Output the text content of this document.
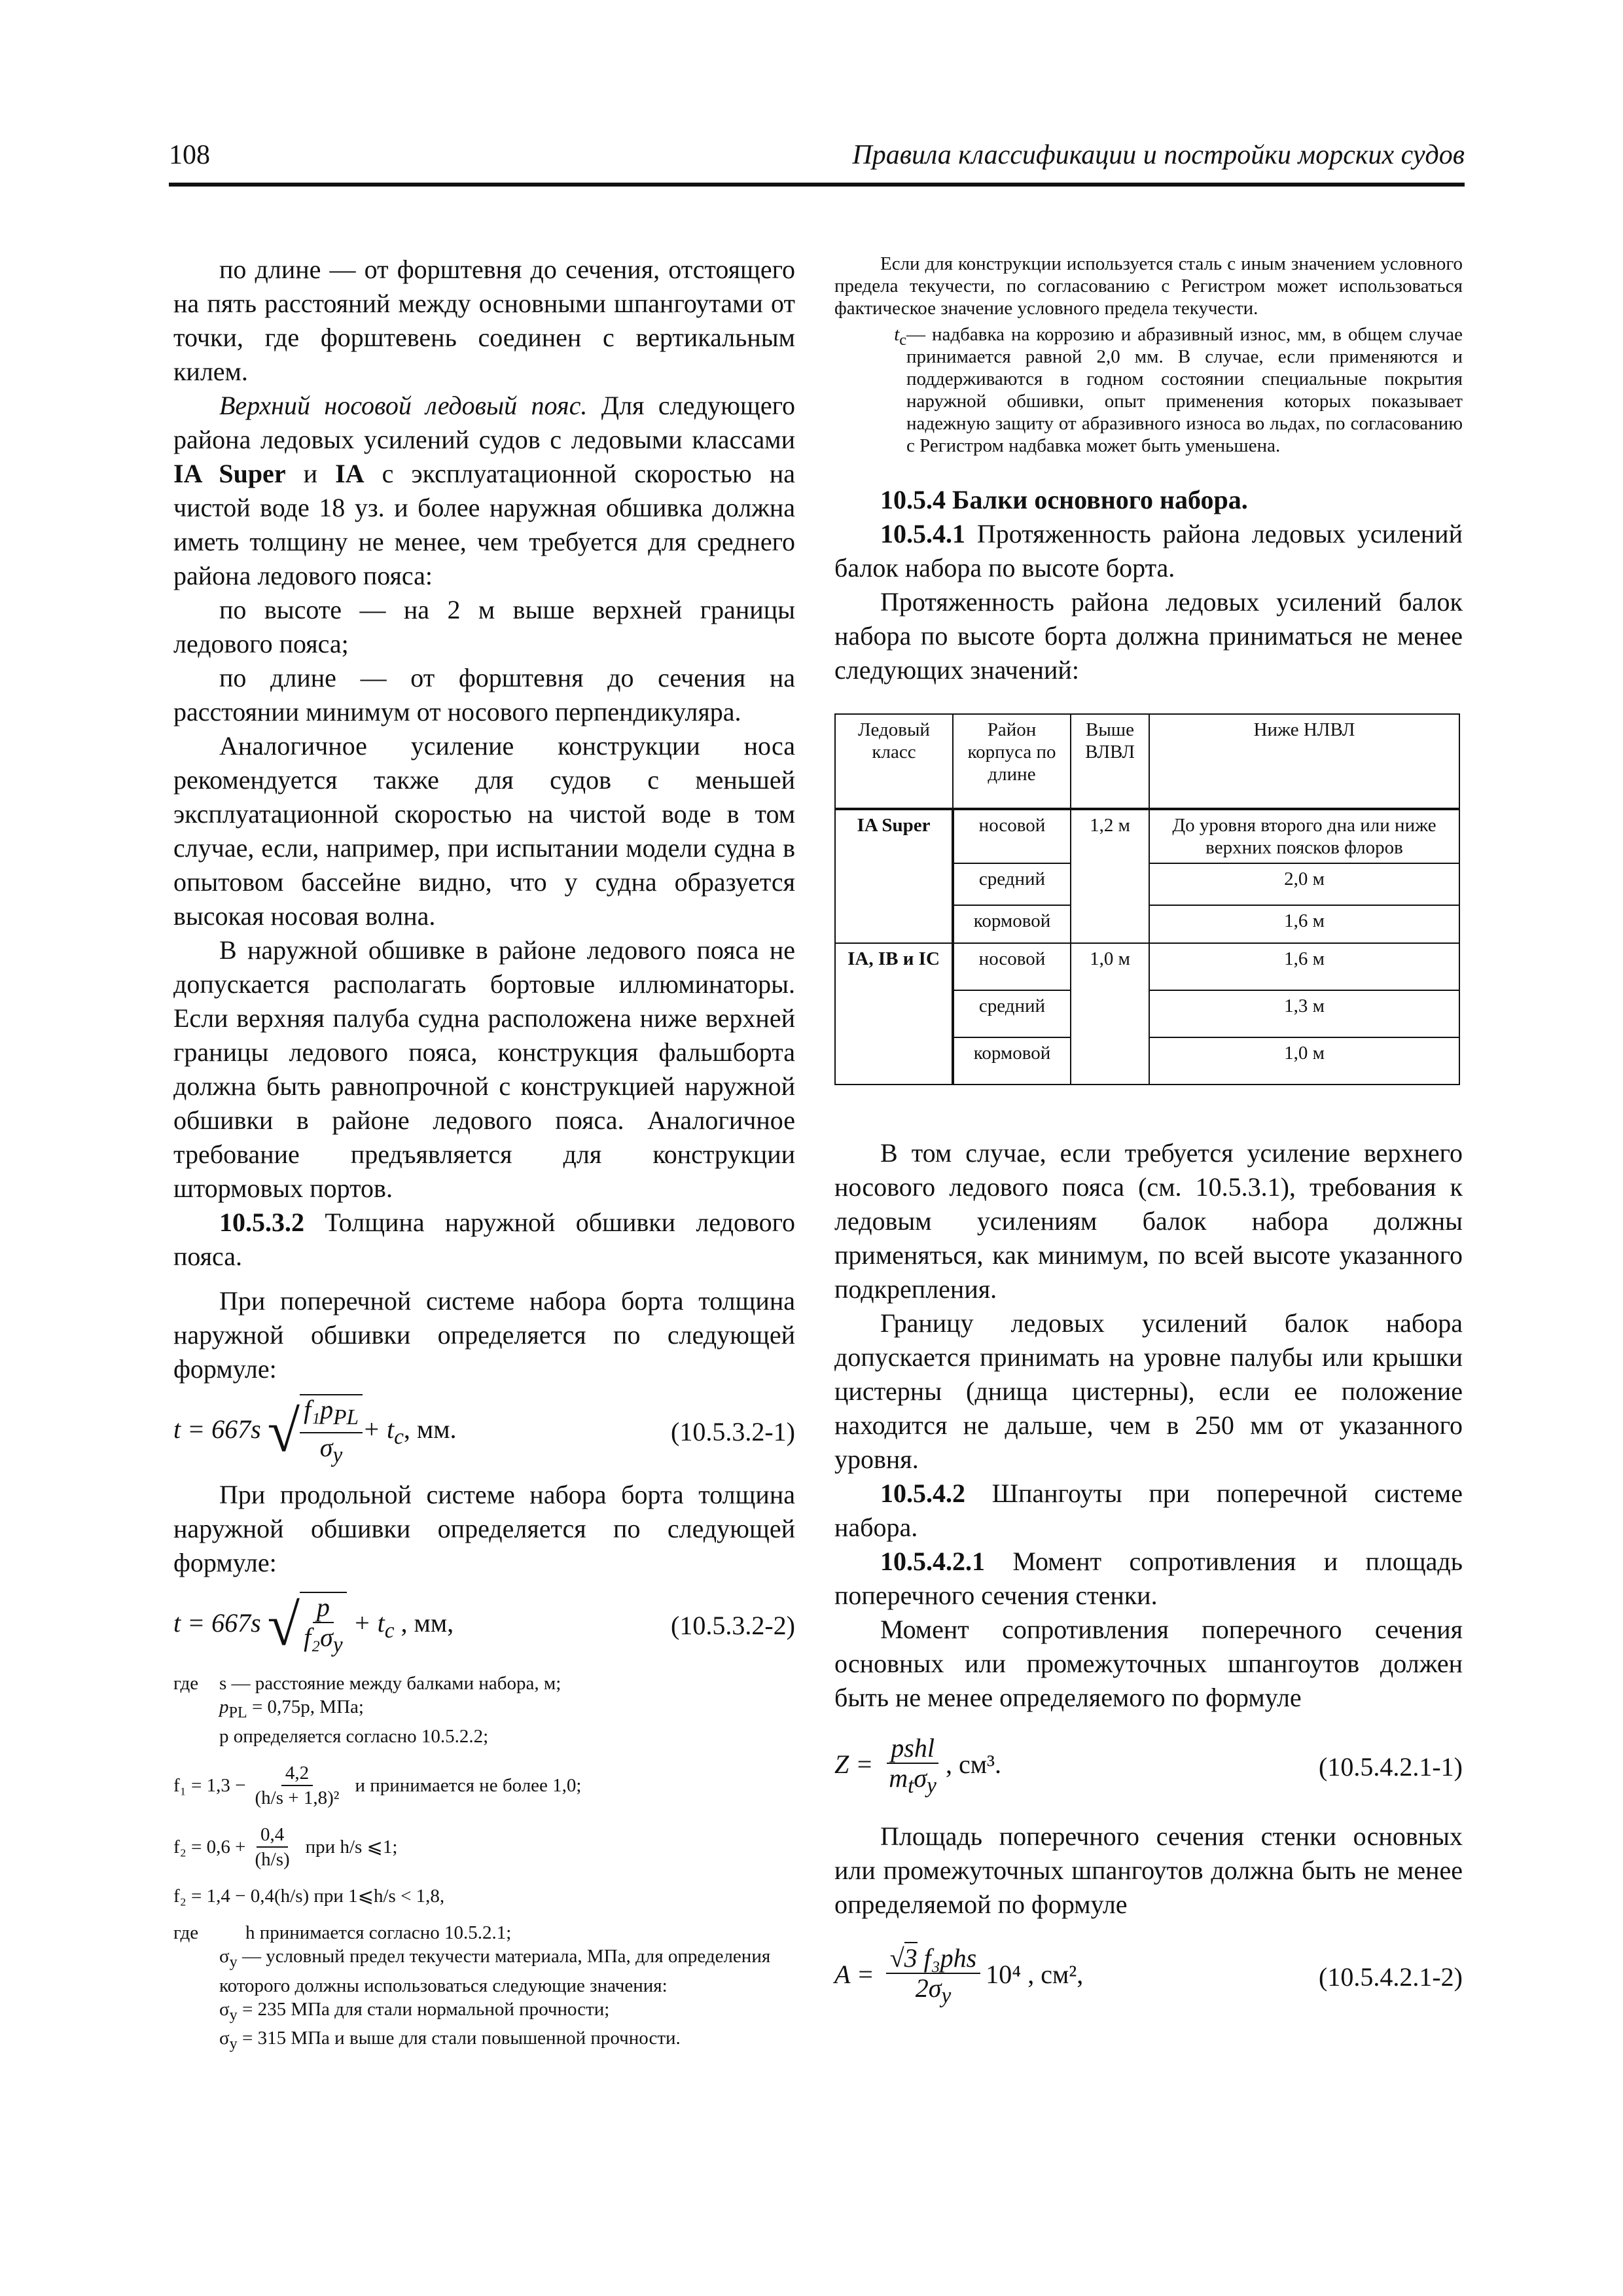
108	Правила классификации и постройки морских судов

по длине — от форштевня до сечения, отстоящего на пять расстояний между основными шпангоутами от точки, где форштевень соединен с вертикальным килем.

Верхний носовой ледовый пояс. Для следующего района ледовых усилений судов с ледовыми классами IA Super и IA с эксплуатационной скоростью на чистой воде 18 уз. и более наружная обшивка должна иметь толщину не менее, чем требуется для среднего района ледового пояса:

по высоте — на 2 м выше верхней границы ледового пояса;

по длине — от форштевня до сечения на расстоянии минимум от носового перпендикуляра.

Аналогичное усиление конструкции носа рекомендуется также для судов с меньшей эксплуатационной скоростью на чистой воде в том случае, если, например, при испытании модели судна в опытовом бассейне видно, что у судна образуется высокая носовая волна.

В наружной обшивке в районе ледового пояса не допускается располагать бортовые иллюминаторы. Если верхняя палуба судна расположена ниже верхней границы ледового пояса, конструкция фальшборта должна быть равнопрочной с конструкцией наружной обшивки в районе ледового пояса. Аналогичное требование предъявляется для конструкции штормовых портов.

10.5.3.2 Толщина наружной обшивки ледового пояса.

При поперечной системе набора борта толщина наружной обшивки определяется по следующей формуле:

t = 667s √ $\frac{f_1p_{PL}}{\sigma_y} + t_c$, мм.	(10.5.3.2-1)

При продольной системе набора борта толщина наружной обшивки определяется по следующей формуле:

t = 667s √ $\frac{p}{f_2\sigma_y} + t_c$ , мм,	(10.5.3.2-2)
где	s — расстояние между балками набора, м;
$p_{PL} = 0,75p$, МПа;
p определяется согласно 10.5.2.2;
$f_1 = 1,3 - \frac{4,2}{\text{(h/s + 1,8)²}}$ и принимается не более 1,0;
$f_2 = 0,6 + \frac{0,4}{(h/s)}$ при h/s ⩽1;
f₂ = 1,4 − 0,4(h/s) при 1⩽h/s < 1,8,
где	h принимается согласно 10.5.2.1;
$\sigma_y$ — условный предел текучести материала, МПа, для определения которого должны использоваться следующие значения:
$\sigma_y = 235$ МПа для стали нормальной прочности;
$\sigma_y = 315$ МПа и выше для стали повышенной прочности.

Если для конструкции используется сталь с иным значением условного предела текучести, по согласованию с Регистром может использоваться фактическое значение условного предела текучести.

$t_c$ — надбавка на коррозию и абразивный износ, мм, в общем случае принимается равной 2,0 мм. В случае, если применяются и поддерживаются в годном состоянии специальные покрытия наружной обшивки, опыт применения которых показывает надежную защиту от абразивного износа во льдах, по согласованию с Регистром надбавка может быть уменьшена.

10.5.4 Балки основного набора.

10.5.4.1 Протяженность района ледовых усилений балок набора по высоте борта.

Протяженность района ледовых усилений балок набора по высоте борта должна приниматься не менее следующих значений:

Ледовый класс	Район корпуса по длине	Выше ВЛВЛ	Ниже НЛВЛ
IA Super	носовой	1,2 м	До уровня второго дна или ниже верхних поясков флоров
	средний		2,0 м
	кормовой		1,6 м
IA, IB и IC	носовой	1,0 м	1,6 м
	средний		1,3 м
	кормовой		1,0 м

В том случае, если требуется усиление верхнего носового ледового пояса (см. 10.5.3.1), требования к ледовым усилениям балок набора должны применяться, как минимум, по всей высоте указанного подкрепления.

Границу ледовых усилений балок набора допускается принимать на уровне палубы или крышки цистерны (днища цистерны), если ее положение находится не дальше, чем в 250 мм от указанного уровня.

10.5.4.2 Шпангоуты при поперечной системе набора.

10.5.4.2.1 Момент сопротивления и площадь поперечного сечения стенки.

Момент сопротивления поперечного сечения основных или промежуточных шпангоутов должен быть не менее определяемого по формуле

$Z = \frac{\text{pshl}}{m_t\sigma_y}$ , см³.	(10.5.4.2.1-1)

Площадь поперечного сечения стенки основных или промежуточных шпангоутов должна быть не менее определяемой по формуле

$A = \frac{\text{√3 f₃phs}}{2\sigma_y} 10^4$ , см²,	(10.5.4.2.1-2)
